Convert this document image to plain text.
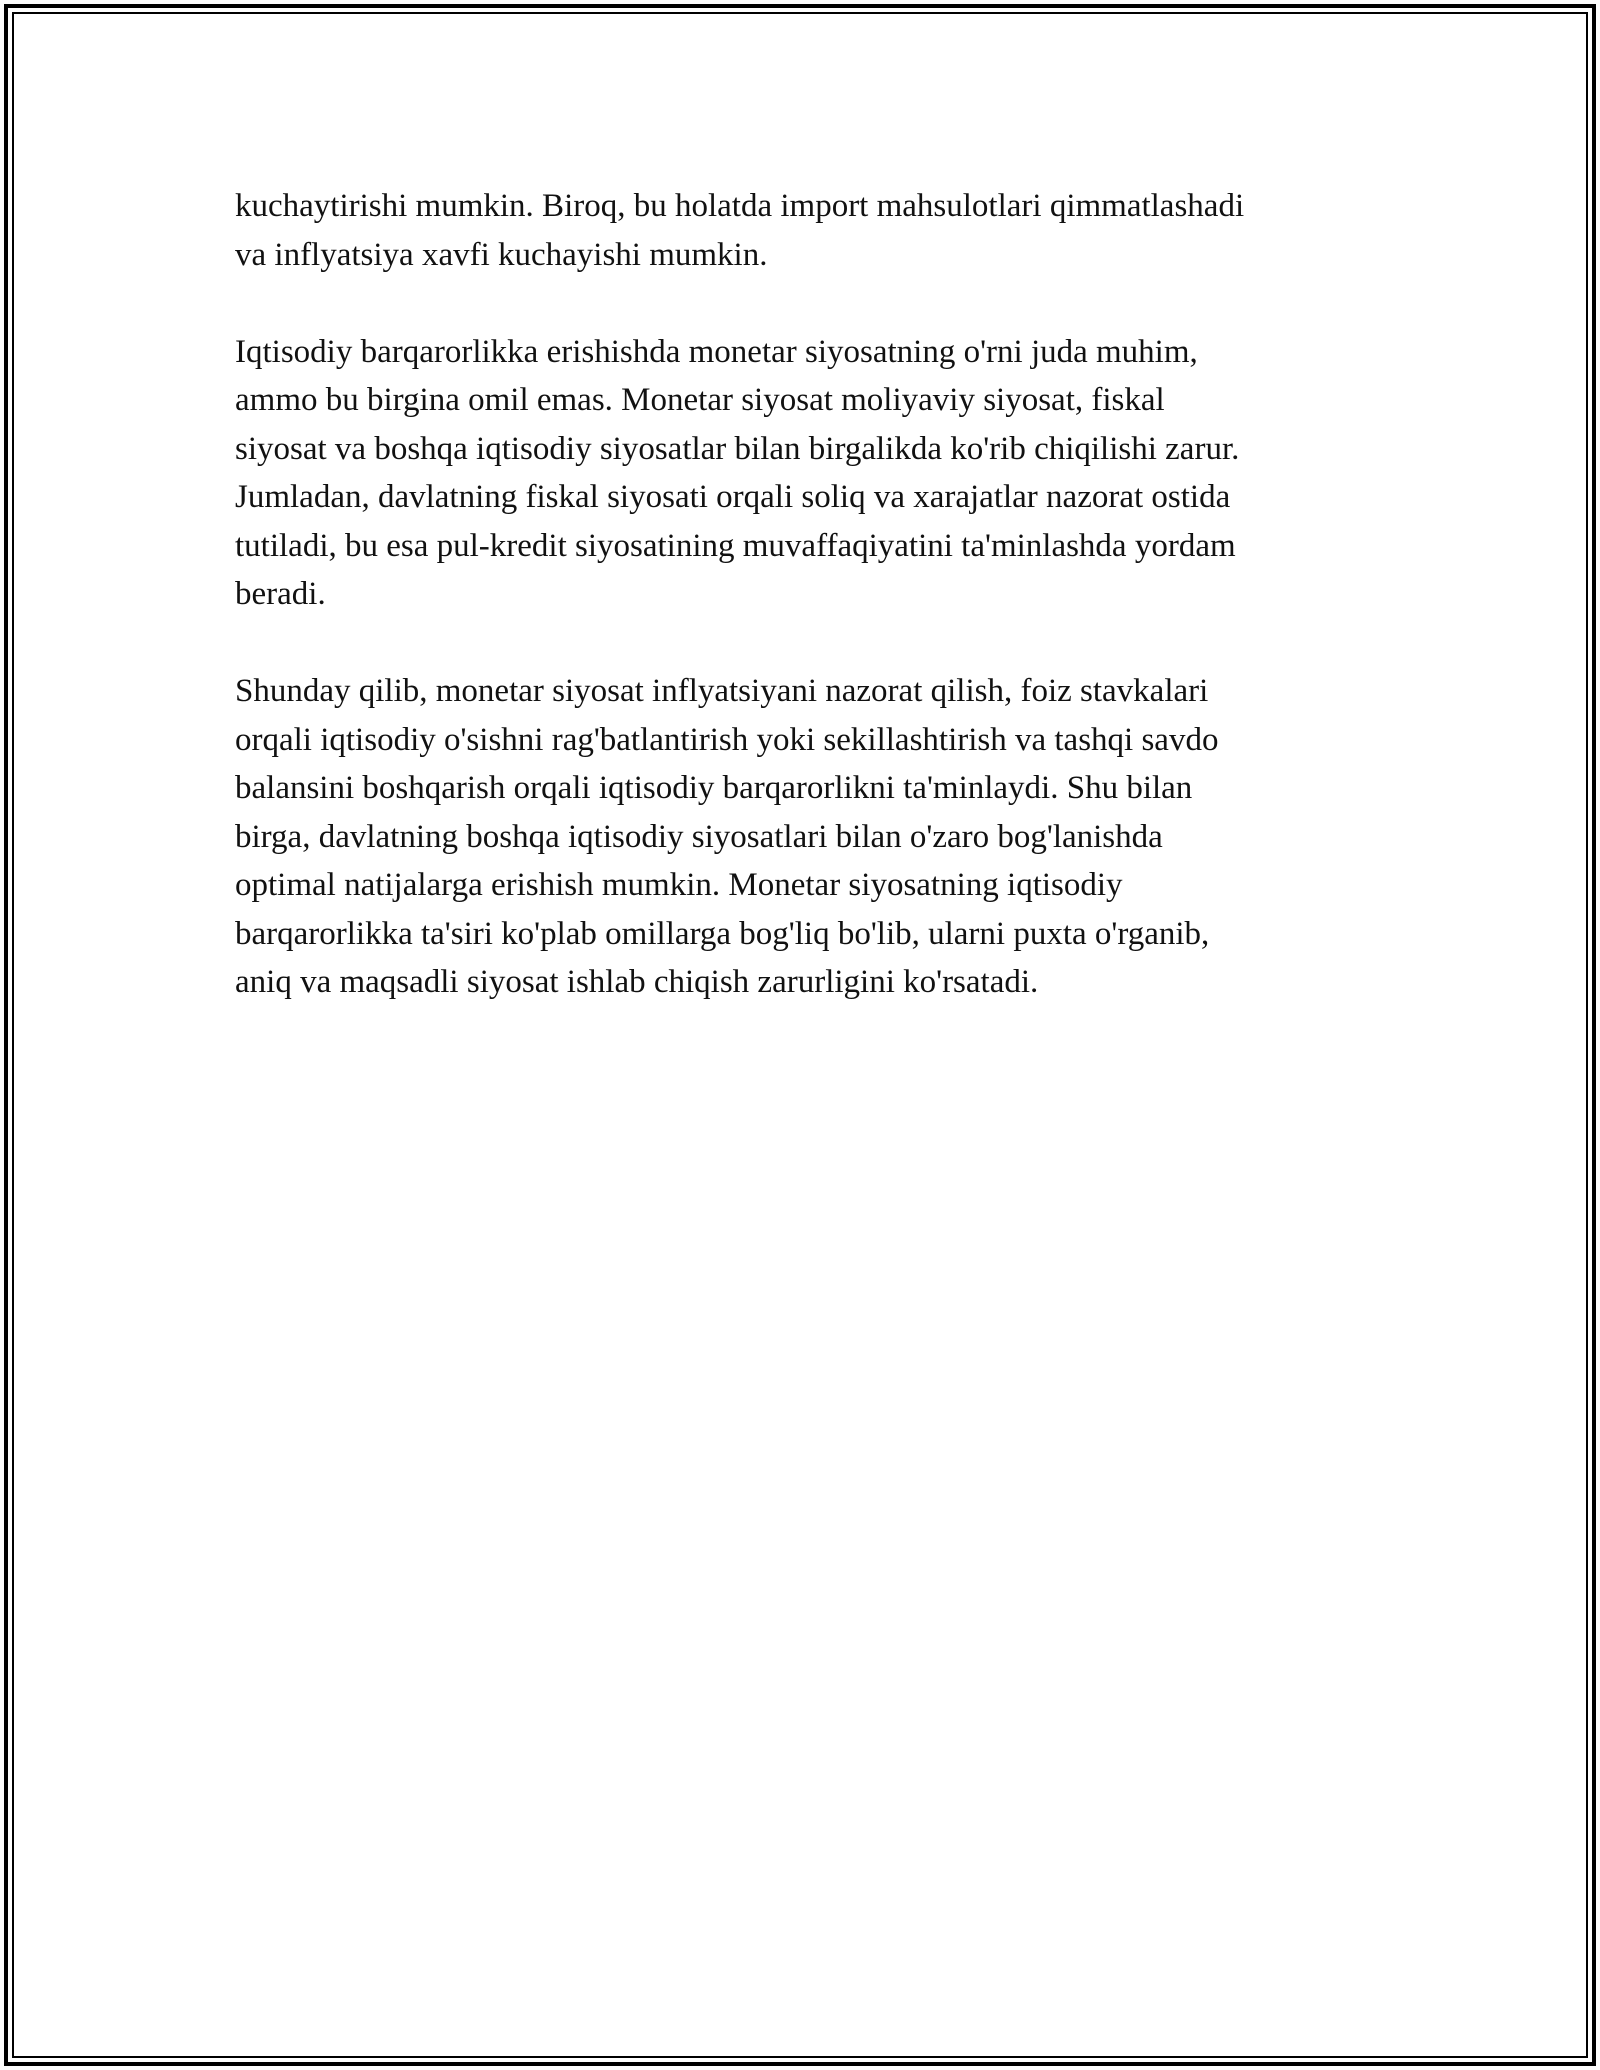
kuchaytirishi mumkin. Biroq, bu holatda import mahsulotlari qimmatlashadi
va inflyatsiya xavfi kuchayishi mumkin.

Iqtisodiy barqarorlikka erishishda monetar siyosatning o'rni juda muhim,
ammo bu birgina omil emas. Monetar siyosat moliyaviy siyosat, fiskal
siyosat va boshqa iqtisodiy siyosatlar bilan birgalikda ko'rib chiqilishi zarur.
Jumladan, davlatning fiskal siyosati orqali soliq va xarajatlar nazorat ostida
tutiladi, bu esa pul-kredit siyosatining muvaffaqiyatini ta'minlashda yordam
beradi.

Shunday qilib, monetar siyosat inflyatsiyani nazorat qilish, foiz stavkalari
orqali iqtisodiy o'sishni rag'batlantirish yoki sekillashtirish va tashqi savdo
balansini boshqarish orqali iqtisodiy barqarorlikni ta'minlaydi. Shu bilan
birga, davlatning boshqa iqtisodiy siyosatlari bilan o'zaro bog'lanishda
optimal natijalarga erishish mumkin. Monetar siyosatning iqtisodiy
barqarorlikka ta'siri ko'plab omillarga bog'liq bo'lib, ularni puxta o'rganib,
aniq va maqsadli siyosat ishlab chiqish zarurligini ko'rsatadi.
